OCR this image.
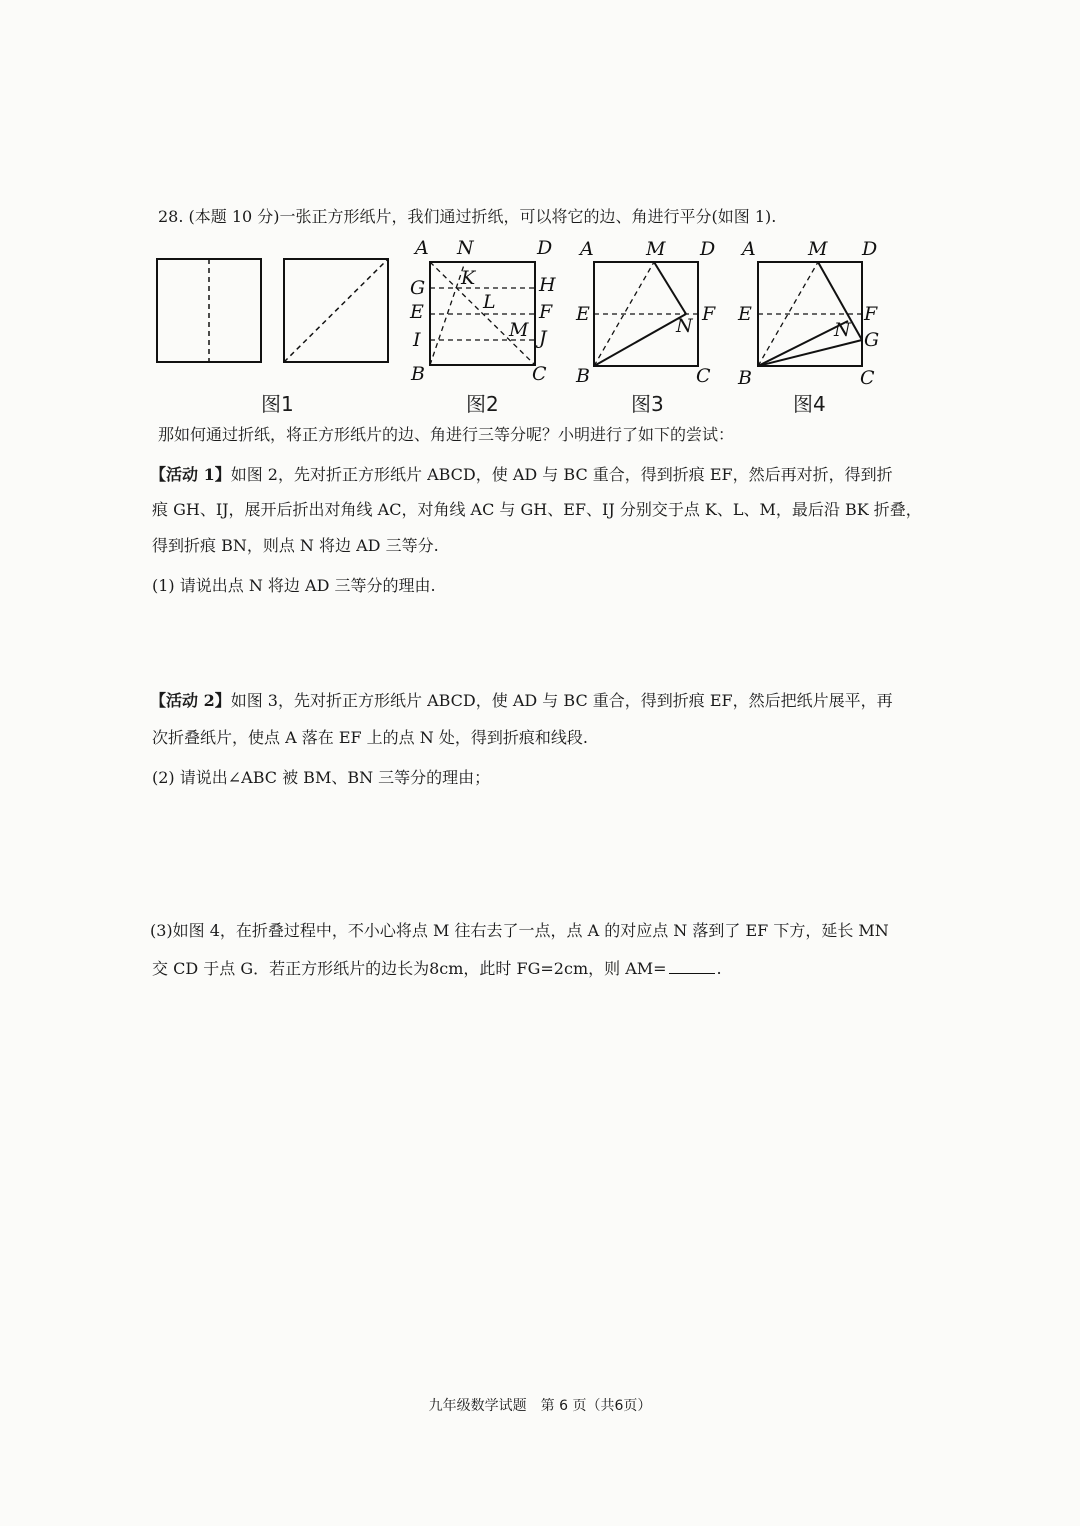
28. (本题 10 分)一张正方形纸片，我们通过折纸，可以将它的边、角进行平分(如图 1).
图1
A N	D
G K	H
E	L F
I	M J
B	C
图2
A	M D
E	F
N
B	C
图3
A	M D
E	F
N G
B	C
图4
那如何通过折纸，将正方形纸片的边、角进行三等分呢？小明进行了如下的尝试：
【活动 1】如图 2，先对折正方形纸片 ABCD，使 AD 与 BC 重合，得到折痕 EF，然后再对折，得到折
痕 GH、IJ，展开后折出对角线 AC，对角线 AC 与 GH、EF、IJ 分别交于点 K、L、M，最后沿 BK 折叠，
得到折痕 BN，则点 N 将边 AD 三等分.
(1) 请说出点 N 将边 AD 三等分的理由.
【活动 2】如图 3，先对折正方形纸片 ABCD，使 AD 与 BC 重合，得到折痕 EF，然后把纸片展平，再
次折叠纸片，使点 A 落在 EF 上的点 N 处，得到折痕和线段.
(2) 请说出∠ABC 被 BM、BN 三等分的理由；
(3)如图 4，在折叠过程中，不小心将点 M 往右去了一点，点 A 的对应点 N 落到了 EF 下方，延长 MN
交 CD 于点 G．若正方形纸片的边长为8cm，此时 FG=2cm，则 AM=	.
九年级数学试题　第 6 页（共6页）
